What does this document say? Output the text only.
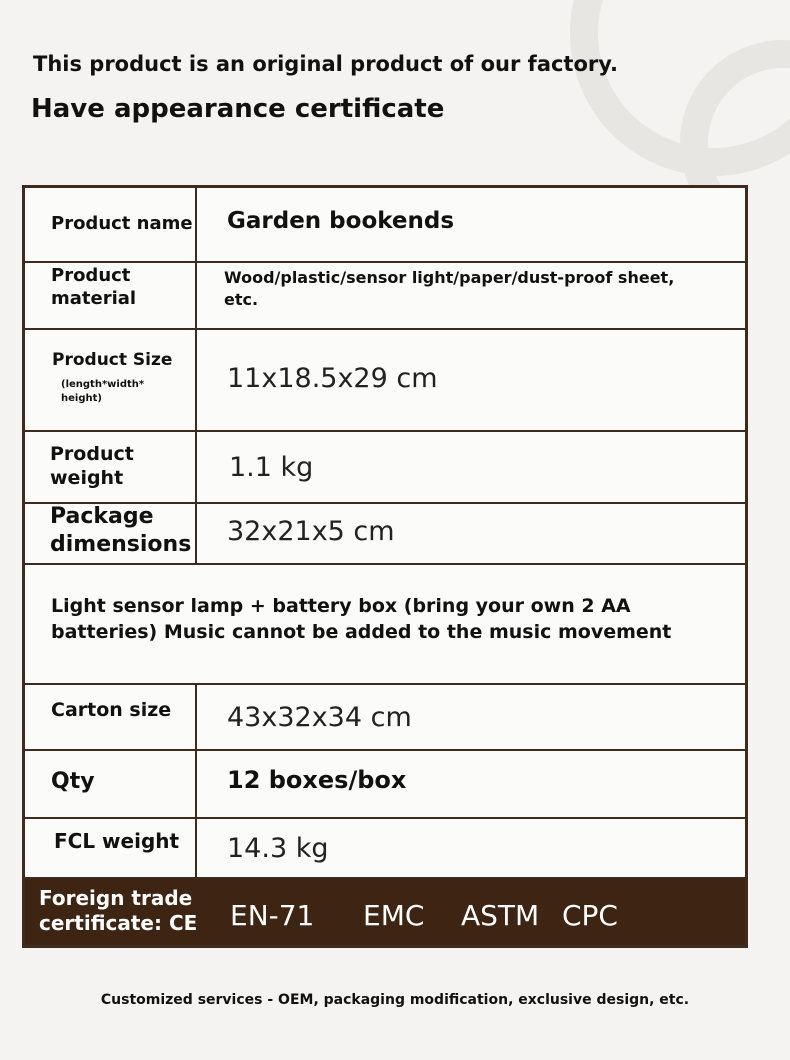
This product is an original product of our factory.

Have appearance certificate

Product name Garden bookends
Product
material
Wood/plastic/sensor light/paper/dust-proof sheet,
etc.
Product Size
(length*width*
height)
11x18.5x29 cm
Product
weight	1.1 kg
Package
dimensions 32x21x5 cm
Light sensor lamp + battery box (bring your own 2 AA
batteries) Music cannot be added to the music movement
Carton size 43x32x34 cm
Qty	12 boxes/box
FCL weight 14.3 kg
Foreign trade
certificate: CE EN-71 EMC ASTM CPC
Customized services - OEM, packaging modification, exclusive design, etc.
